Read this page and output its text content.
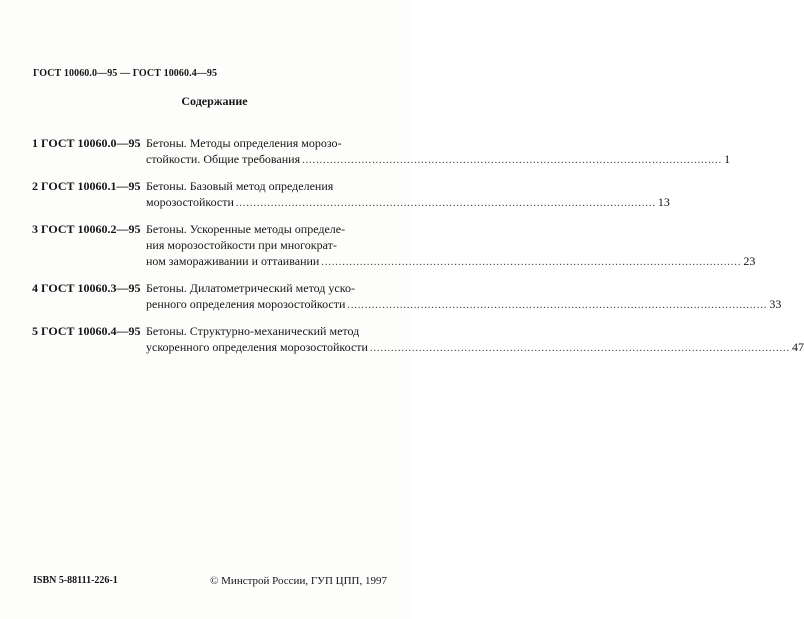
ГОСТ 10060.0—95 — ГОСТ 10060.4—95
Содержание
1 ГОСТ 10060.0—95 Бетоны. Методы определения морозо-
стойкости. Общие требования .....	1
2 ГОСТ 10060.1—95 Бетоны. Базовый метод определения
морозостойкости .....	13
3 ГОСТ 10060.2—95 Бетоны. Ускоренные методы определе-
ния морозостойкости при многократ-
ном замораживании и оттаивании .....	23
4 ГОСТ 10060.3—95 Бетоны. Дилатометрический метод уско-
ренного определения морозостойкости .....	33
5 ГОСТ 10060.4—95 Бетоны. Структурно-механический метод
ускоренного определения морозостойкости .....	47
ISBN 5-88111-226-1	© Минстрой России, ГУП ЦПП, 1997
